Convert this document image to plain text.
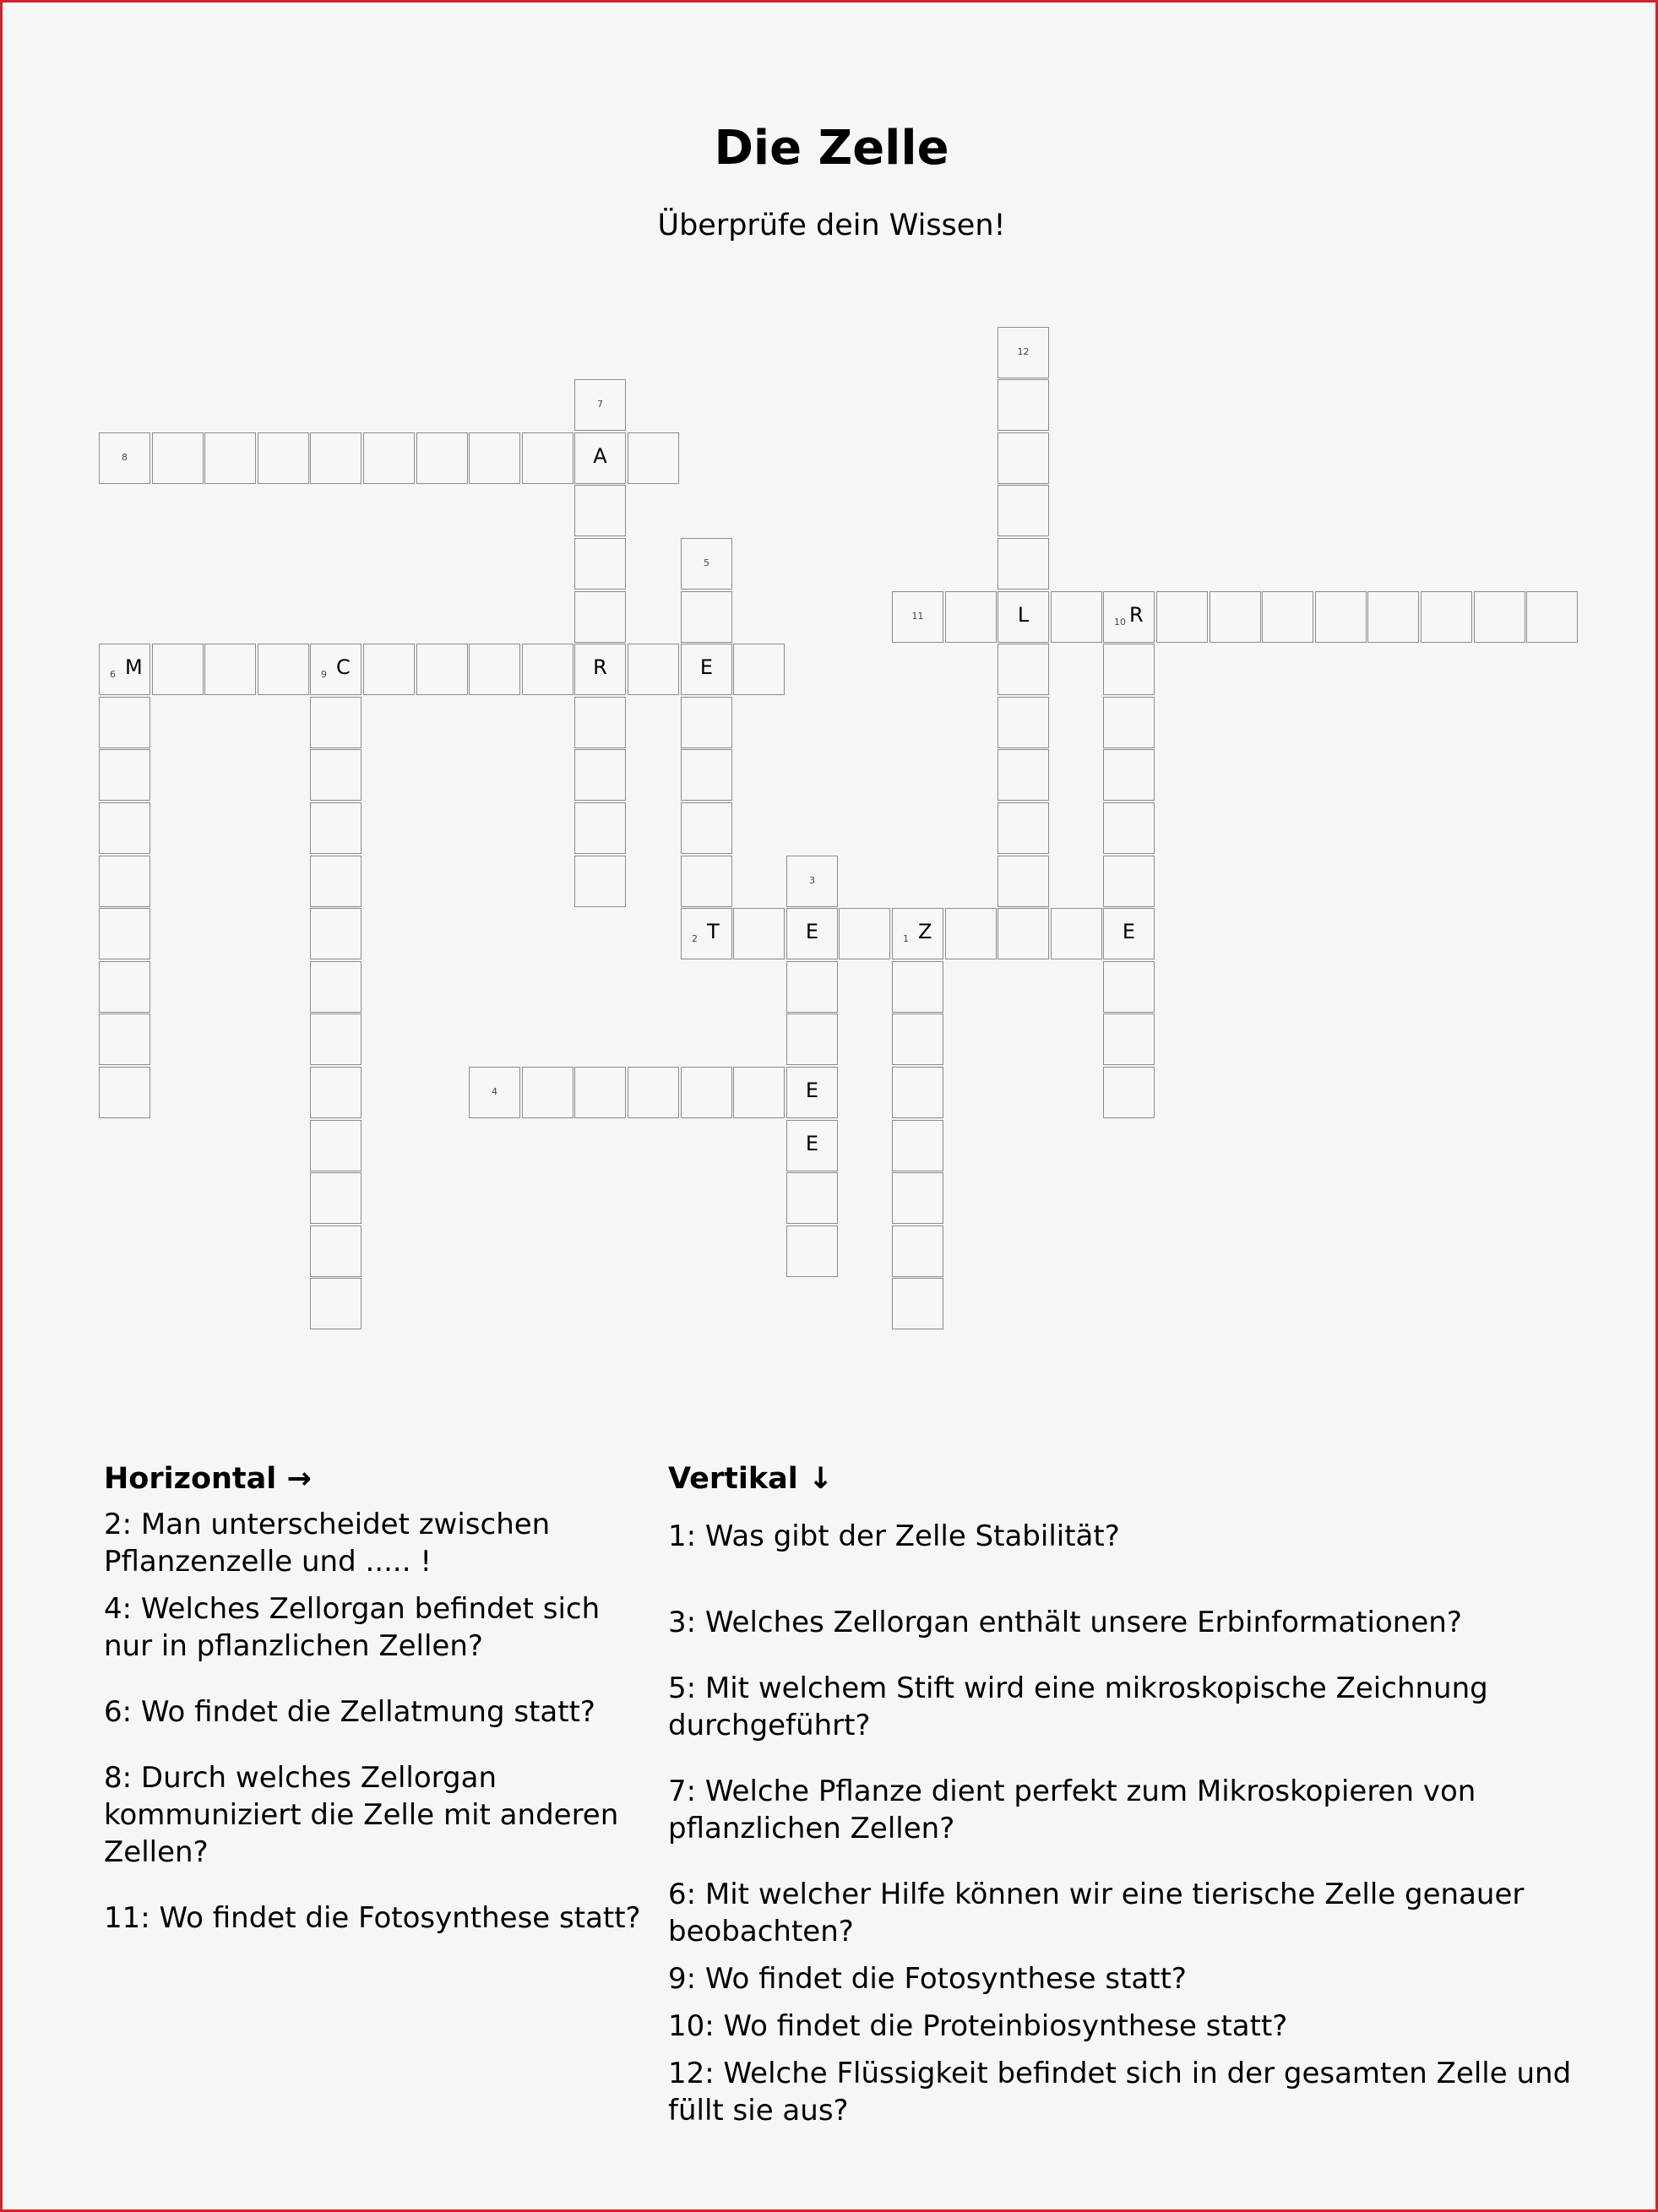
Die Zelle
Überprüfe dein Wissen!
1 Z
2 T	E	E
3
E
E
4
5
E
6 M	9 C	R
7
A
8
10 R
11	L
12
Horizontal →

2: Man unterscheidet zwischen Pflanzenzelle und ..... !

4: Welches Zellorgan befindet sich nur in pflanzlichen Zellen?

6: Wo findet die Zellatmung statt?

8: Durch welches Zellorgan kommuniziert die Zelle mit anderen Zellen?

11: Wo findet die Fotosynthese statt?

Vertikal ↓

1: Was gibt der Zelle Stabilität?

3: Welches Zellorgan enthält unsere Erbinformationen?

5: Mit welchem Stift wird eine mikroskopische Zeichnung durchgeführt?

7: Welche Pflanze dient perfekt zum Mikroskopieren von pflanzlichen Zellen?

6: Mit welcher Hilfe können wir eine tierische Zelle genauer beobachten?

9: Wo findet die Fotosynthese statt?

10: Wo findet die Proteinbiosynthese statt?

12: Welche Flüssigkeit befindet sich in der gesamten Zelle und füllt sie aus?
